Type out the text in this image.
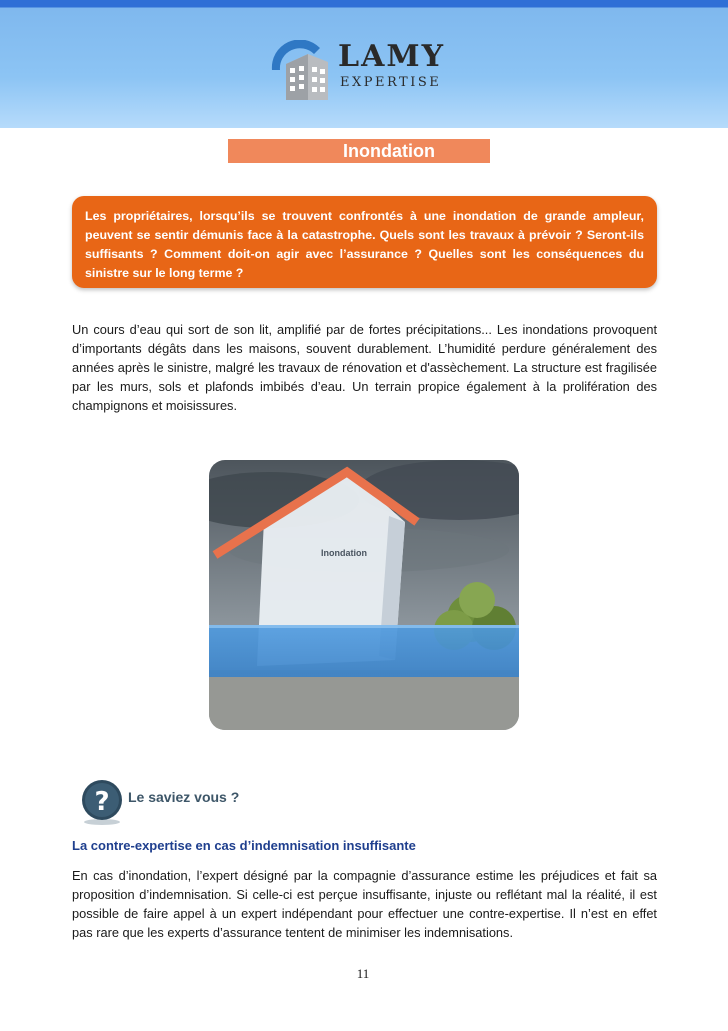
LAMY
EXPERTISE
Inondation

Les propriétaires, lorsqu’ils se trouvent confrontés à une inondation de grande ampleur, peuvent se sentir démunis face à la catastrophe. Quels sont les travaux à prévoir ? Seront-ils suffisants ? Comment doit-on agir avec l’assurance ? Quelles sont les conséquences du sinistre sur le long terme ?

Un cours d’eau qui sort de son lit, amplifié par de fortes précipitations... Les inondations provoquent d’importants dégâts dans les maisons, souvent durablement. L’humidité perdure généralement des années après le sinistre, malgré les travaux de rénovation et d'assèchement. La structure est fragilisée par les murs, sols et plafonds imbibés d’eau. Un terrain propice également à la prolifération des champignons et moisissures.

Inondation
? Le saviez vous ?

La contre-expertise en cas d’indemnisation insuffisante

En cas d’inondation, l’expert désigné par la compagnie d’assurance estime les préjudices et fait sa proposition d’indemnisation. Si celle-ci est perçue insuffisante, injuste ou reflétant mal la réalité, il est possible de faire appel à un expert indépendant pour effectuer une contre-expertise. Il n’est en effet pas rare que les experts d’assurance tentent de minimiser les indemnisations.

11
